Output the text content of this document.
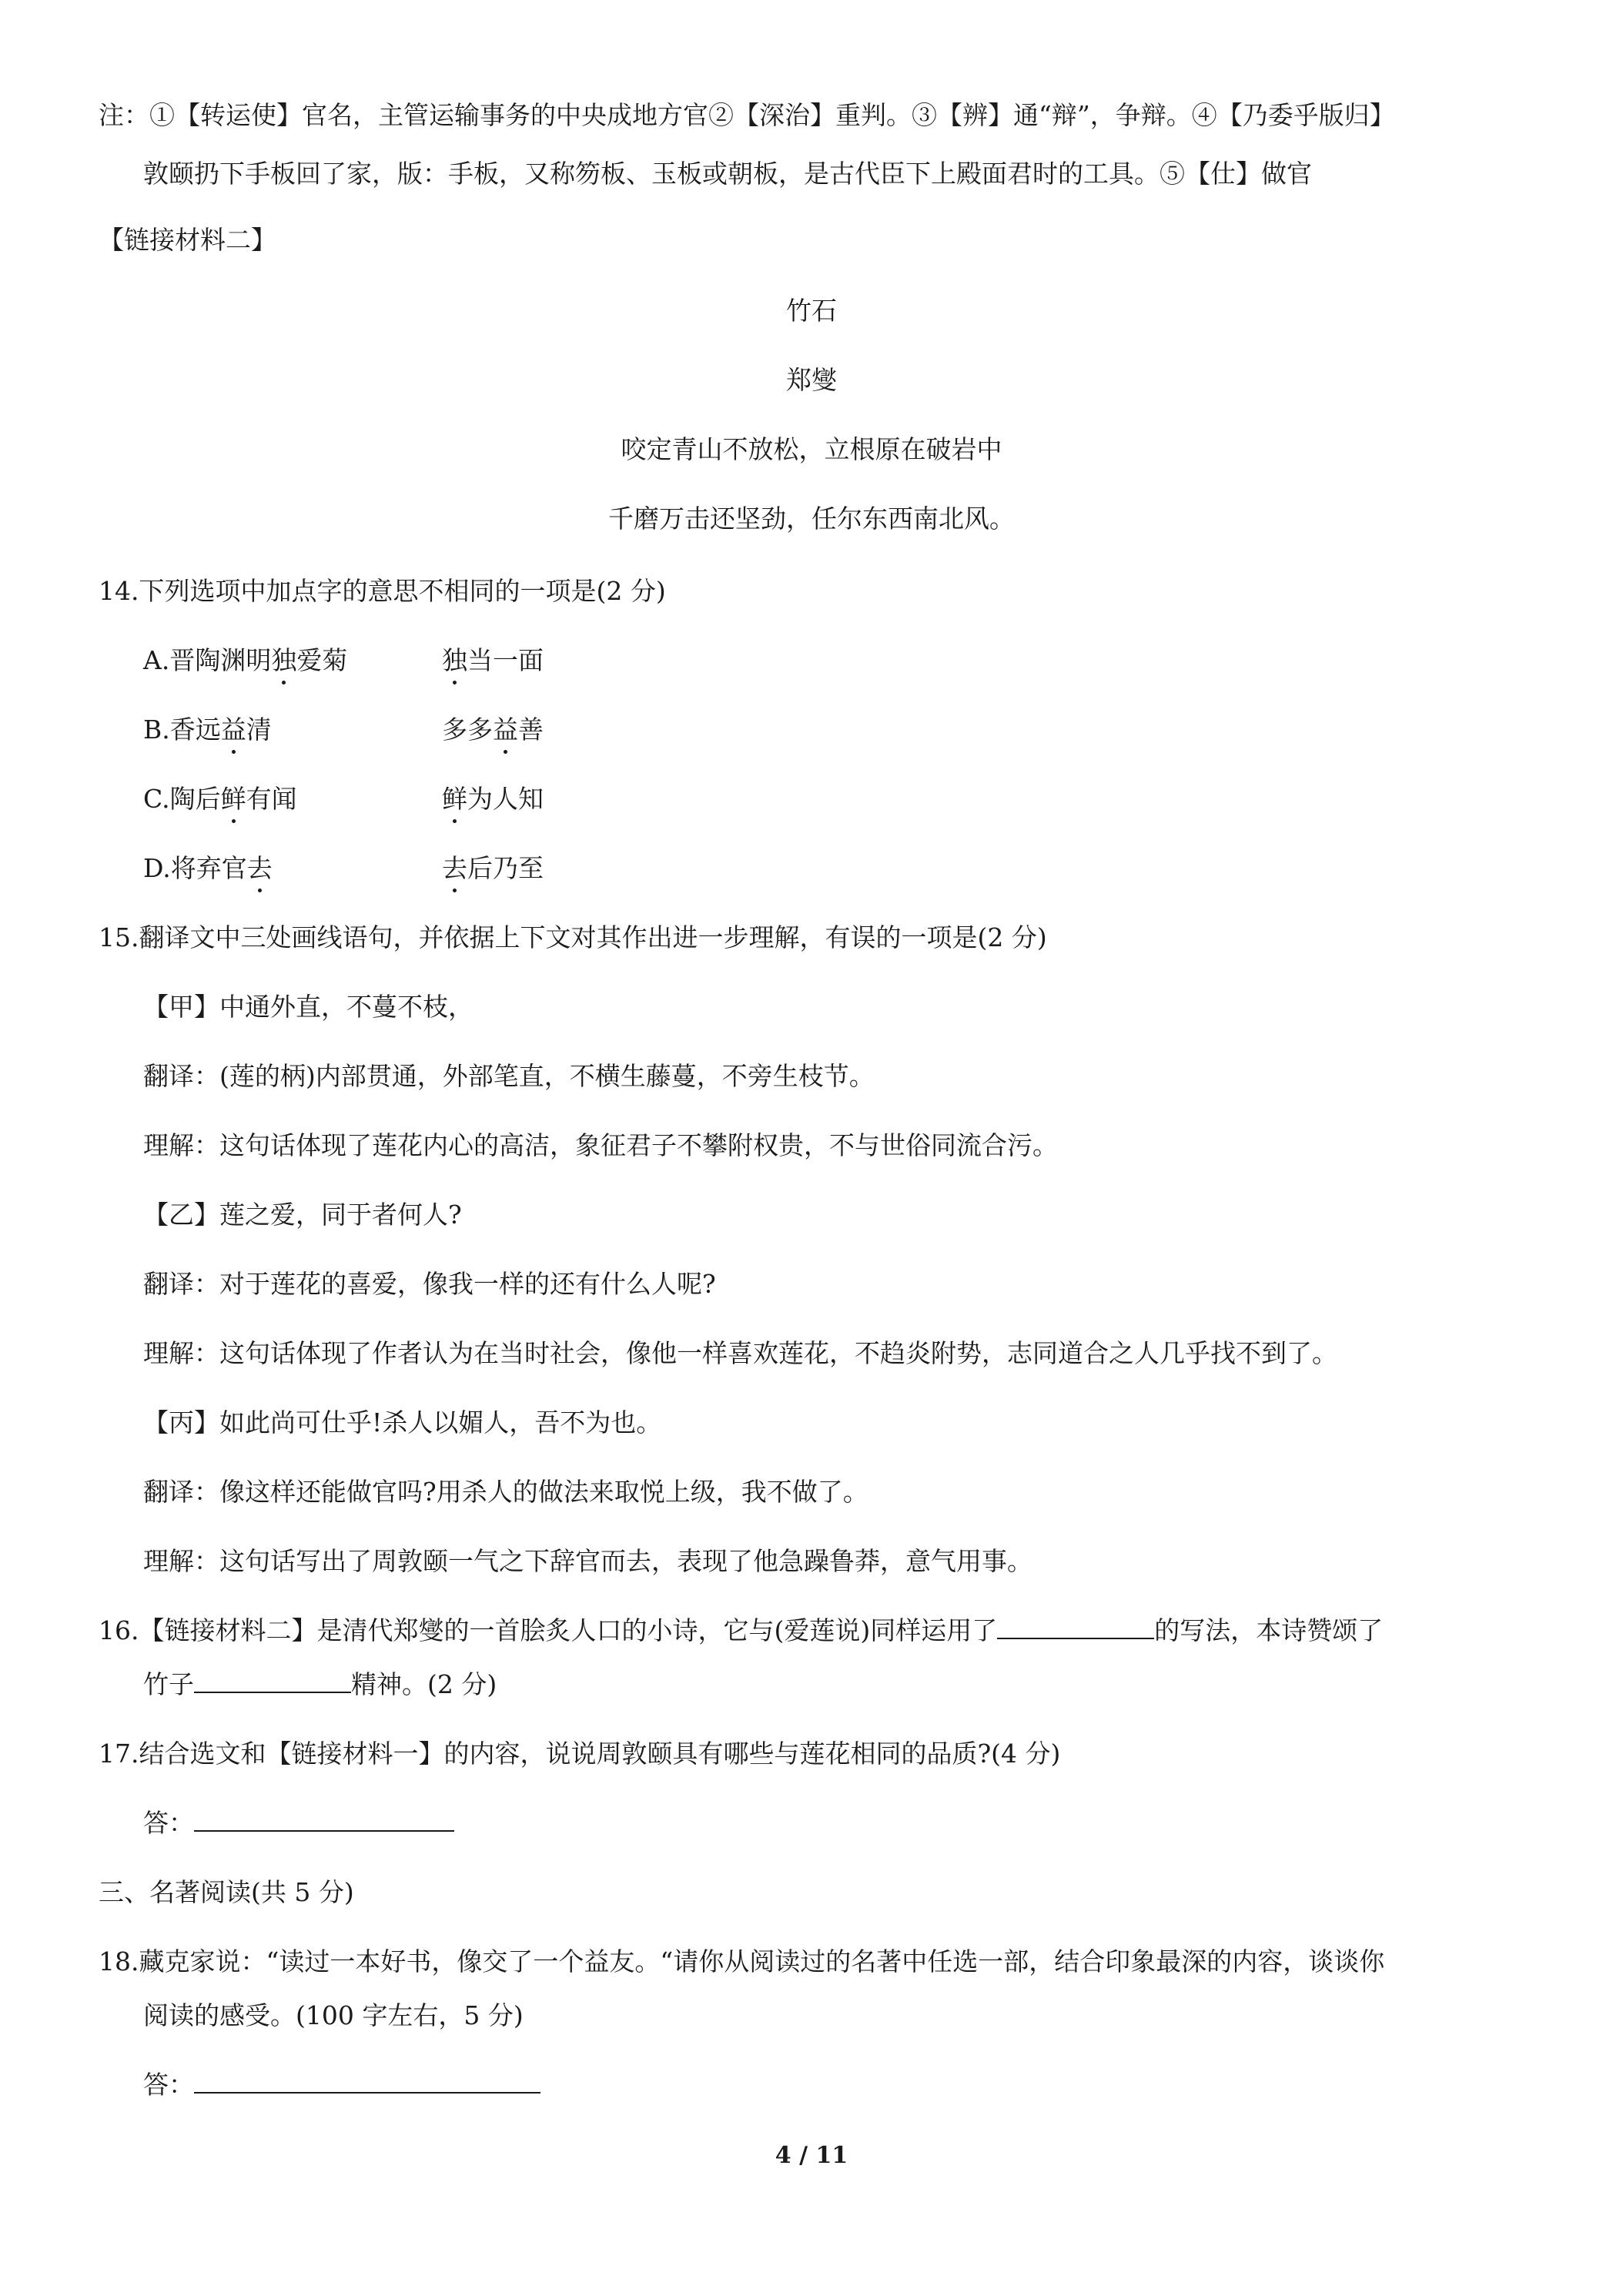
注：①【转运使】官名，主管运输事务的中央成地方官②【深治】重判。③【辨】通“辩”，争辩。④【乃委乎版归】
敦颐扔下手板回了家，版：手板，又称笏板、玉板或朝板，是古代臣下上殿面君时的工具。⑤【仕】做官
【链接材料二】
竹石
郑燮
咬定青山不放松，立根原在破岩中
千磨万击还坚劲，任尔东西南北风。
14.下列选项中加点字的意思不相同的一项是(2 分)
A.晋陶渊明独爱菊	独当一面
B.香远益清	多多益善
C.陶后鲜有闻	鲜为人知
D.将弃官去	去后乃至
15.翻译文中三处画线语句，并依据上下文对其作出进一步理解，有误的一项是(2 分)
【甲】中通外直，不蔓不枝，
翻译：(莲的柄)内部贯通，外部笔直，不横生藤蔓，不旁生枝节。
理解：这句话体现了莲花内心的高洁，象征君子不攀附权贵，不与世俗同流合污。
【乙】莲之爱，同于者何人?
翻译：对于莲花的喜爱，像我一样的还有什么人呢?
理解：这句话体现了作者认为在当时社会，像他一样喜欢莲花，不趋炎附势，志同道合之人几乎找不到了。
【丙】如此尚可仕乎!杀人以媚人，吾不为也。
翻译：像这样还能做官吗?用杀人的做法来取悦上级，我不做了。
理解：这句话写出了周敦颐一气之下辞官而去，表现了他急躁鲁莽，意气用事。
16.【链接材料二】是清代郑燮的一首脍炙人口的小诗，它与(爱莲说)同样运用了	的写法，本诗赞颂了
竹子	精神。(2 分)
17.结合选文和【链接材料一】的内容，说说周敦颐具有哪些与莲花相同的品质?(4 分)
答：
三、名著阅读(共 5 分)
18.藏克家说：“读过一本好书，像交了一个益友。“请你从阅读过的名著中任选一部，结合印象最深的内容，谈谈你
阅读的感受。(100 字左右，5 分)
答：
4 / 11
